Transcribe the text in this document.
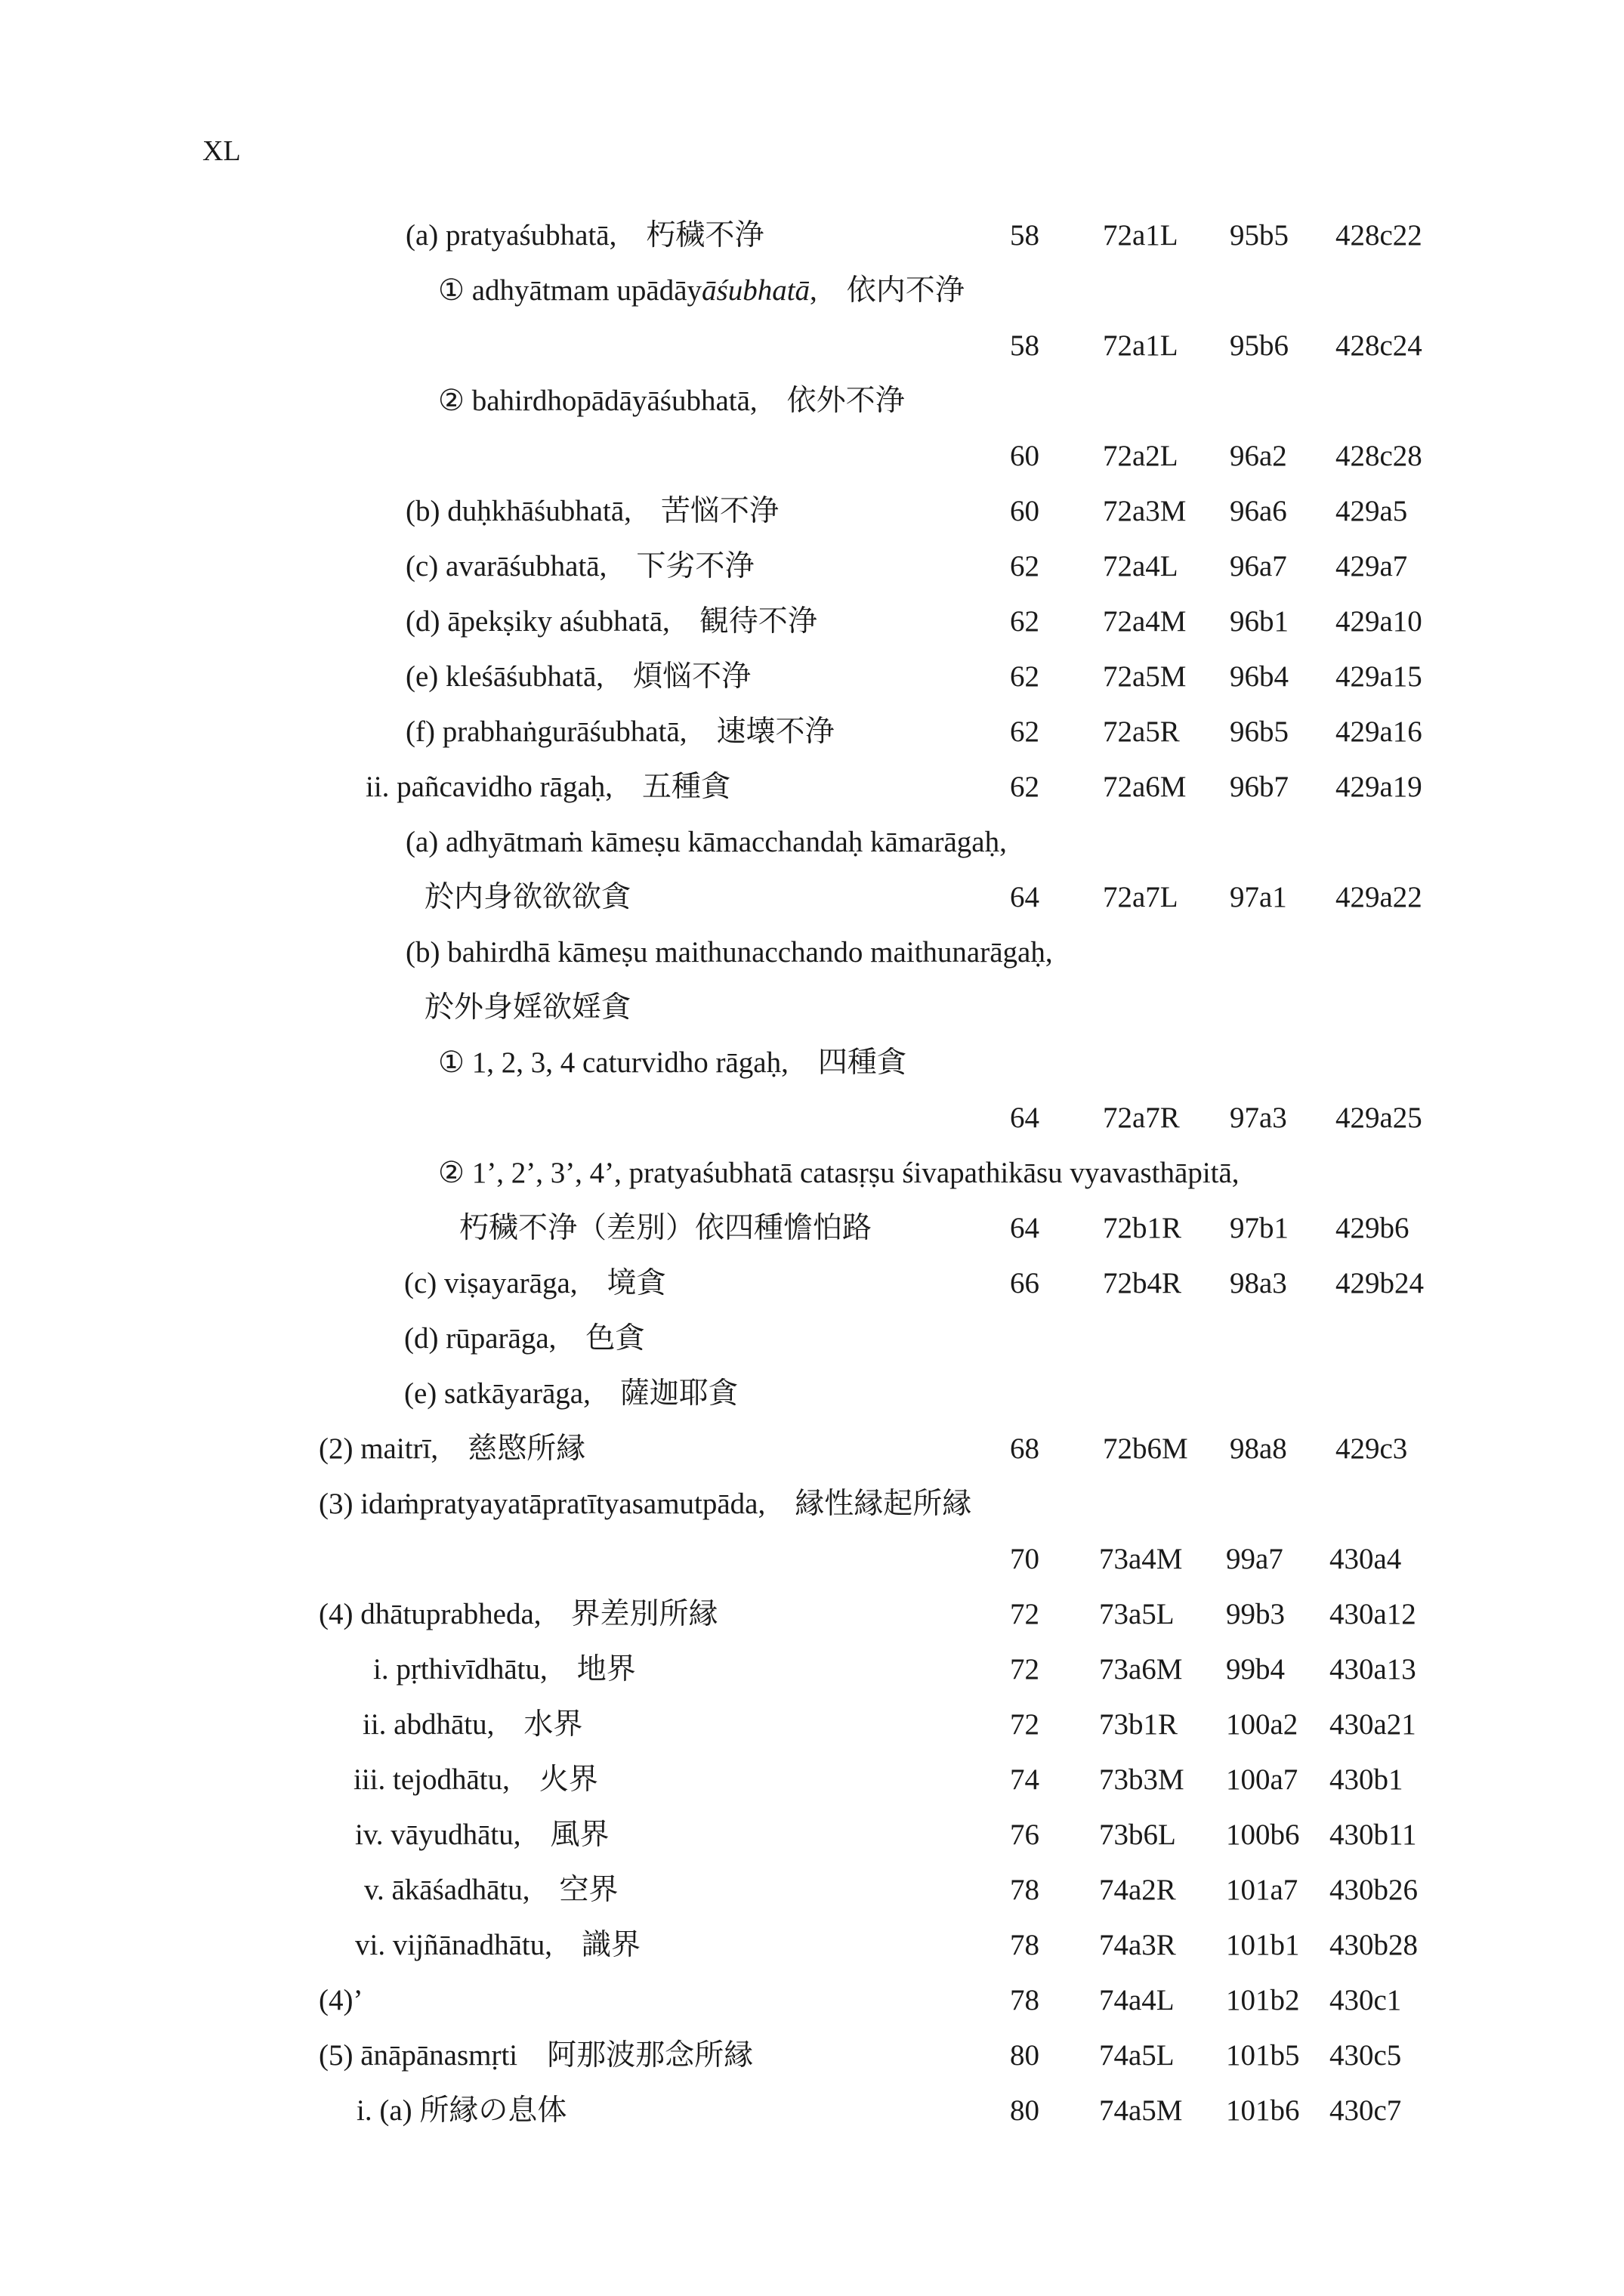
XL
(a) pratyaśubhatā,　朽穢不浄	58 72a1L 95b5 428c22
① adhyātmam upādāyāśubhatā,　依内不浄
58 72a1L 95b6 428c24
② bahirdhopādāyāśubhatā,　依外不浄
60 72a2L 96a2 428c28
(b) duḥkhāśubhatā,　苦悩不浄	60 72a3M 96a6 429a5
(c) avarāśubhatā,　下劣不浄	62 72a4L 96a7 429a7
(d) āpekṣiky aśubhatā,　観待不浄	62 72a4M 96b1 429a10
(e) kleśāśubhatā,　煩悩不浄	62 72a5M 96b4 429a15
(f) prabhaṅgurāśubhatā,　速壊不浄	62 72a5R 96b5 429a16
ii. pañcavidho rāgaḥ,　五種貪	62 72a6M 96b7 429a19
(a) adhyātmaṁ kāmeṣu kāmacchandaḥ kāmarāgaḥ,
於内身欲欲欲貪	64 72a7L 97a1 429a22
(b) bahirdhā kāmeṣu maithunacchando maithunarāgaḥ,
於外身婬欲婬貪
① 1, 2, 3, 4 caturvidho rāgaḥ,　四種貪
64 72a7R 97a3 429a25
② 1’, 2’, 3’, 4’, pratyaśubhatā catasṛṣu śivapathikāsu vyavasthāpitā,
朽穢不浄（差別）依四種憺怕路	64 72b1R 97b1 429b6
(c) viṣayarāga,　境貪	66 72b4R 98a3 429b24
(d) rūparāga,　色貪
(e) satkāyarāga,　薩迦耶貪
(2) maitrī,　慈愍所縁	68 72b6M 98a8 429c3
(3) idaṁpratyayatāpratītyasamutpāda,　縁性縁起所縁
70 73a4M 99a7 430a4
(4) dhātuprabheda,　界差別所縁	72 73a5L 99b3 430a12
i. pṛthivīdhātu,　地界	72 73a6M 99b4 430a13
ii. abdhātu,　水界	72 73b1R 100a2 430a21
iii. tejodhātu,　火界	74 73b3M 100a7 430b1
iv. vāyudhātu,　風界	76 73b6L 100b6 430b11
v. ākāśadhātu,　空界	78 74a2R 101a7 430b26
vi. vijñānadhātu,　識界	78 74a3R 101b1 430b28
(4)’	78 74a4L 101b2 430c1
(5) ānāpānasmṛti　阿那波那念所縁	80 74a5L 101b5 430c5
i. (a) 所縁の息体	80 74a5M 101b6 430c7
